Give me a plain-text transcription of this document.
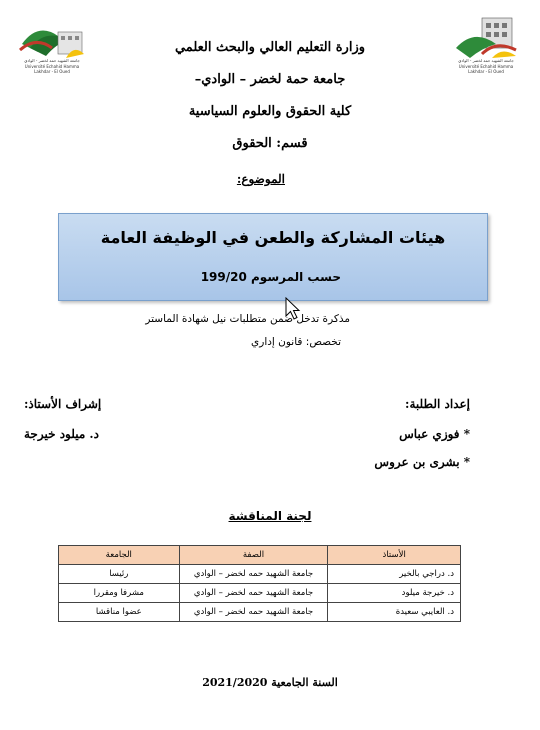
جامعة الشهيد حمة لخضر - الوادي
Université Echahid Hamma Lakhdar - El Oued
جامعة الشهيد حمة لخضر - الوادي
Université Echahid Hamma Lakhdar - El Oued
وزارة التعليم العالي والبحث العلمي
جامعة حمة لخضر – الوادي–
كلية الحقوق والعلوم السياسية
قسم: الحقوق
الموضوع:
هيئات المشاركة والطعن في الوظيفة العامة
حسب المرسوم 199/20
مذكرة تدخل ضمن متطلبات نيل شهادة الماستر
تخصص: قانون إداري
إعداد الطلبة:
* فوزي عباس
* بشرى بن عروس
إشراف الأستاذ:
د. ميلود خيرجة
لجنة المناقشة
الأستاذ	الصفة	الجامعة
د. دراجي بالخير	جامعة الشهيد حمه لخضر – الوادي	رئيسا
د. خيرجة ميلود	جامعة الشهيد حمه لخضر – الوادي	مشرفا ومقررا
د. العايبي سعيدة	جامعة الشهيد حمه لخضر – الوادي	عضوا مناقشا
السنة الجامعية 2021/2020
